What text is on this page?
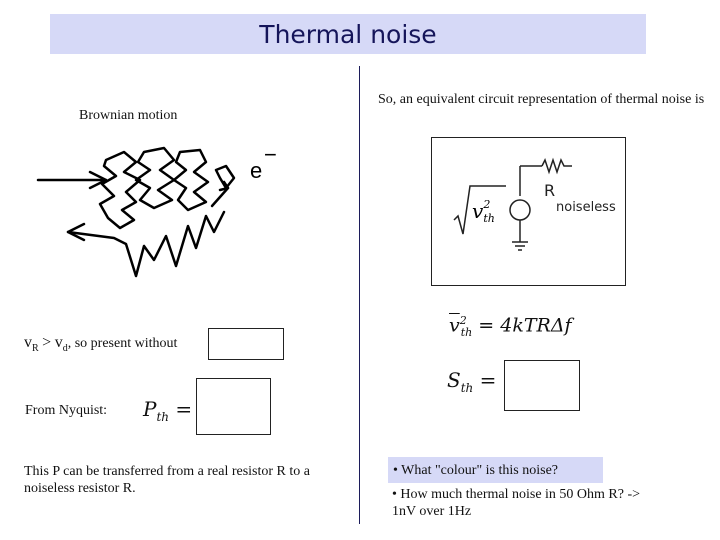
Thermal noise
Brownian motion
e
−
$v_R > v_d$, so present without
From Nyquist: $P_{th}$ =
This P can be transferred from a real resistor R to a noiseless resistor R.
So, an equivalent circuit representation of thermal noise is
R
noiseless
$v^2$ th
$\overline{v}^2_{th} = 4kTR\Delta f$
$S_{th}$ =
• What "colour" is this noise?
• How much thermal noise in 50 Ohm R? -> 1nV over 1Hz
